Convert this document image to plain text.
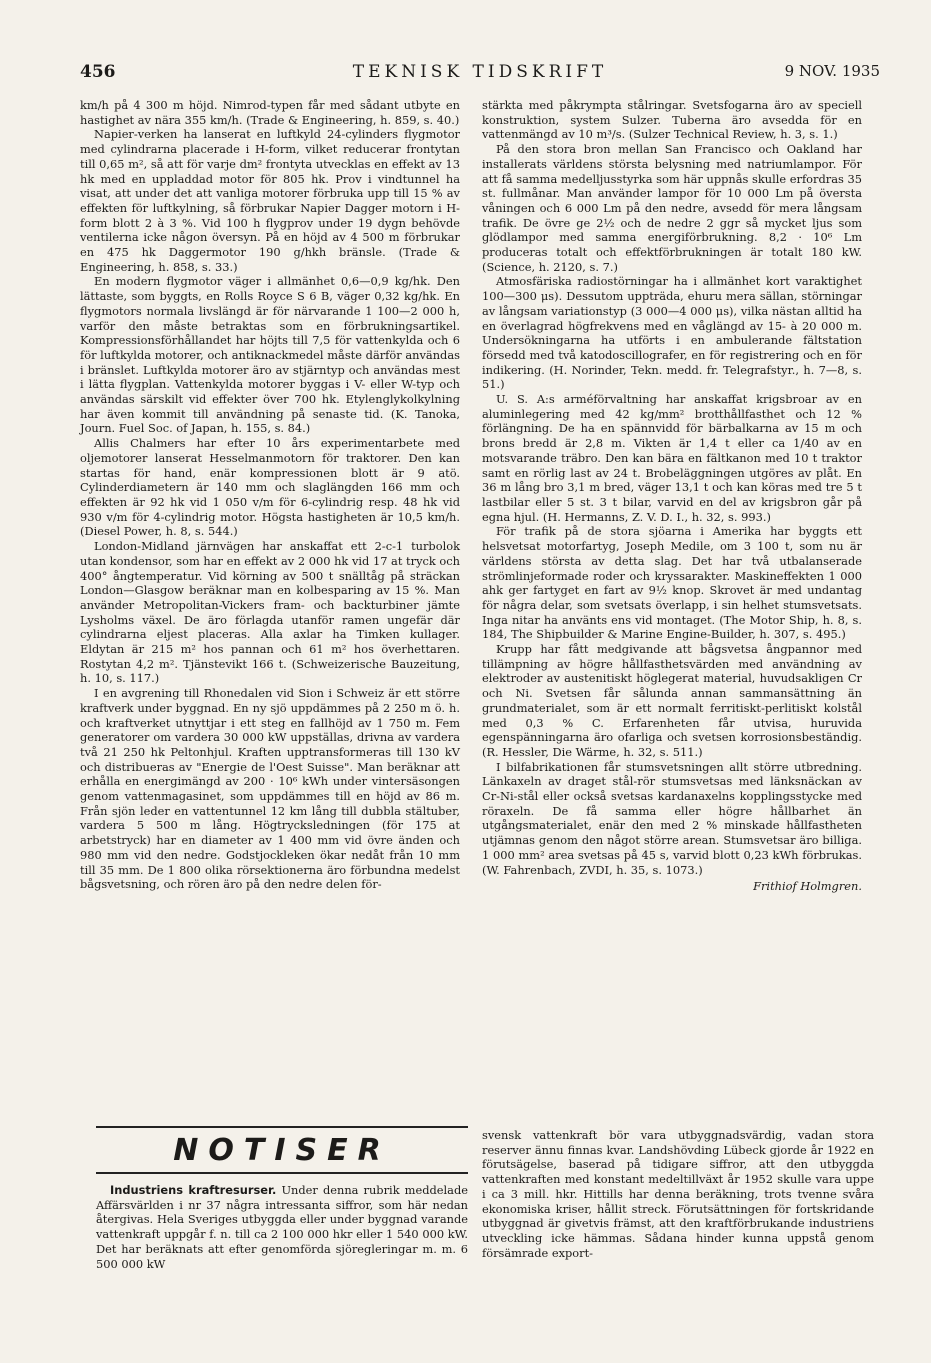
456	TEKNISK TIDSKRIFT	9 NOV. 1935

km/h på 4 300 m höjd. Nimrod-typen får med sådant utbyte en hastighet av nära 355 km/h. (Trade & Engineering, h. 859, s. 40.)

Napier-verken ha lanserat en luftkyld 24-cylinders flygmotor med cylindrarna placerade i H-form, vilket reducerar frontytan till 0,65 m², så att för varje dm² frontyta utvecklas en effekt av 13 hk med en uppladdad motor för 805 hk. Prov i vindtunnel ha visat, att under det att vanliga motorer förbruka upp till 15 % av effekten för luftkylning, så förbrukar Napier Dagger motorn i H-form blott 2 à 3 %. Vid 100 h flygprov under 19 dygn behövde ventilerna icke någon översyn. På en höjd av 4 500 m förbrukar en 475 hk Daggermotor 190 g/hkh bränsle. (Trade & Engineering, h. 858, s. 33.)

En modern flygmotor väger i allmänhet 0,6—0,9 kg/hk. Den lättaste, som byggts, en Rolls Royce S 6 B, väger 0,32 kg/hk. En flygmotors normala livslängd är för närvarande 1 100—2 000 h, varför den måste betraktas som en förbrukningsartikel. Kompressionsförhållandet har höjts till 7,5 för vattenkylda och 6 för luftkylda motorer, och antiknackmedel måste därför användas i bränslet. Luftkylda motorer äro av stjärntyp och användas mest i lätta flygplan. Vattenkylda motorer byggas i V- eller W-typ och användas särskilt vid effekter över 700 hk. Etylenglykolkylning har även kommit till användning på senaste tid. (K. Tanoka, Journ. Fuel Soc. of Japan, h. 155, s. 84.)

Allis Chalmers har efter 10 års experimentarbete med oljemotorer lanserat Hesselmanmotorn för traktorer. Den kan startas för hand, enär kompressionen blott är 9 atö. Cylinderdiametern är 140 mm och slaglängden 166 mm och effekten är 92 hk vid 1 050 v/m för 6-cylindrig resp. 48 hk vid 930 v/m för 4-cylindrig motor. Högsta hastigheten är 10,5 km/h. (Diesel Power, h. 8, s. 544.)

London-Midland järnvägen har anskaffat ett 2-c-1 turbolok utan kondensor, som har en effekt av 2 000 hk vid 17 at tryck och 400° ångtemperatur. Vid körning av 500 t snälltåg på sträckan London—Glasgow beräknar man en kolbesparing av 15 %. Man använder Metropolitan-Vickers fram- och backturbiner jämte Lysholms växel. De äro förlagda utanför ramen ungefär där cylindrarna eljest placeras. Alla axlar ha Timken kullager. Eldytan är 215 m² hos pannan och 61 m² hos överhettaren. Rostytan 4,2 m². Tjänstevikt 166 t. (Schweizerische Bauzeitung, h. 10, s. 117.)

I en avgrening till Rhonedalen vid Sion i Schweiz är ett större kraftverk under byggnad. En ny sjö uppdämmes på 2 250 m ö. h. och kraftverket utnyttjar i ett steg en fallhöjd av 1 750 m. Fem generatorer om vardera 30 000 kW uppställas, drivna av vardera två 21 250 hk Peltonhjul. Kraften upptransformeras till 130 kV och distribueras av "Energie de l'Oest Suisse". Man beräknar att erhålla en energimängd av 200 · 10⁶ kWh under vintersäsongen genom vattenmagasinet, som uppdämmes till en höjd av 86 m. Från sjön leder en vattentunnel 12 km lång till dubbla stältuber, vardera 5 500 m lång. Högtrycksledningen (för 175 at arbetstryck) har en diameter av 1 400 mm vid övre änden och 980 mm vid den nedre. Godstjockleken ökar nedåt från 10 mm till 35 mm. De 1 800 olika rörsektionerna äro förbundna medelst bågsvetsning, och rören äro på den nedre delen för-

stärkta med påkrympta stålringar. Svetsfogarna äro av speciell konstruktion, system Sulzer. Tuberna äro avsedda för en vattenmängd av 10 m³/s. (Sulzer Technical Review, h. 3, s. 1.)

På den stora bron mellan San Francisco och Oakland har installerats världens största belysning med natriumlampor. För att få samma medelljusstyrka som här uppnås skulle erfordras 35 st. fullmånar. Man använder lampor för 10 000 Lm på översta våningen och 6 000 Lm på den nedre, avsedd för mera långsam trafik. De övre ge 2½ och de nedre 2 ggr så mycket ljus som glödlampor med samma energiförbrukning. 8,2 · 10⁶ Lm produceras totalt och effektförbrukningen är totalt 180 kW. (Science, h. 2120, s. 7.)

Atmosfäriska radiostörningar ha i allmänhet kort varaktighet 100—300 μs). Dessutom uppträda, ehuru mera sällan, störningar av långsam variationstyp (3 000—4 000 μs), vilka nästan alltid ha en överlagrad högfrekvens med en våglängd av 15- à 20 000 m. Undersökningarna ha utförts i en ambulerande fältstation försedd med två katodoscillografer, en för registrering och en för indikering. (H. Norinder, Tekn. medd. fr. Telegrafstyr., h. 7—8, s. 51.)

U. S. A:s arméförvaltning har anskaffat krigsbroar av en aluminlegering med 42 kg/mm² brotthållfasthet och 12 % förlängning. De ha en spännvidd för bärbalkarna av 15 m och brons bredd är 2,8 m. Vikten är 1,4 t eller ca 1/40 av en motsvarande träbro. Den kan bära en fältkanon med 10 t traktor samt en rörlig last av 24 t. Brobeläggningen utgöres av plåt. En 36 m lång bro 3,1 m bred, väger 13,1 t och kan köras med tre 5 t lastbilar eller 5 st. 3 t bilar, varvid en del av krigsbron går på egna hjul. (H. Hermanns, Z. V. D. I., h. 32, s. 993.)

För trafik på de stora sjöarna i Amerika har byggts ett helsvetsat motorfartyg, Joseph Medile, om 3 100 t, som nu är världens största av detta slag. Det har två utbalanserade strömlinjeformade roder och kryssarakter. Maskineffekten 1 000 ahk ger fartyget en fart av 9½ knop. Skrovet är med undantag för några delar, som svetsats överlapp, i sin helhet stumsvetsats. Inga nitar ha använts ens vid montaget. (The Motor Ship, h. 8, s. 184, The Shipbuilder & Marine Engine-Builder, h. 307, s. 495.)

Krupp har fått medgivande att bågsvetsa ångpannor med tillämpning av högre hållfasthetsvärden med användning av elektroder av austenitiskt höglegerat material, huvudsakligen Cr och Ni. Svetsen får sålunda annan sammansättning än grundmaterialet, som är ett normalt ferritiskt-perlitiskt kolstål med 0,3 % C. Erfarenheten får utvisa, huruvida egenspänningarna äro ofarliga och svetsen korrosionsbeständig. (R. Hessler, Die Wärme, h. 32, s. 511.)

I bilfabrikationen får stumsvetsningen allt större utbredning. Länkaxeln av draget stål-rör stumsvetsas med länksnäckan av Cr-Ni-stål eller också svetsas kardanaxelns kopplingsstycke med röraxeln. De få samma eller högre hållbarhet än utgångsmaterialet, enär den med 2 % minskade hållfastheten utjämnas genom den något större arean. Stumsvetsar äro billiga. 1 000 mm² area svetsas på 45 s, varvid blott 0,23 kWh förbrukas. (W. Fahrenbach, ZVDI, h. 35, s. 1073.)

Frithiof Holmgren.
NOTISER

Industriens kraftresurser. Under denna rubrik meddelade Affärsvärlden i nr 37 några intressanta siffror, som här nedan återgivas. Hela Sveriges utbyggda eller under byggnad varande vattenkraft uppgår f. n. till ca 2 100 000 hkr eller 1 540 000 kW. Det har beräknats att efter genomförda sjöregleringar m. m. 6 500 000 kW

svensk vattenkraft bör vara utbyggnadsvärdig, vadan stora reserver ännu finnas kvar. Landshövding Lübeck gjorde år 1922 en förutsägelse, baserad på tidigare siffror, att den utbyggda vattenkraften med konstant medeltillväxt år 1952 skulle vara uppe i ca 3 mill. hkr. Hittills har denna beräkning, trots tvenne svåra ekonomiska kriser, hållit streck. Förutsättningen för fortskridande utbyggnad är givetvis främst, att den kraftförbrukande industriens utveckling icke hämmas. Sådana hinder kunna uppstå genom försämrade export-
